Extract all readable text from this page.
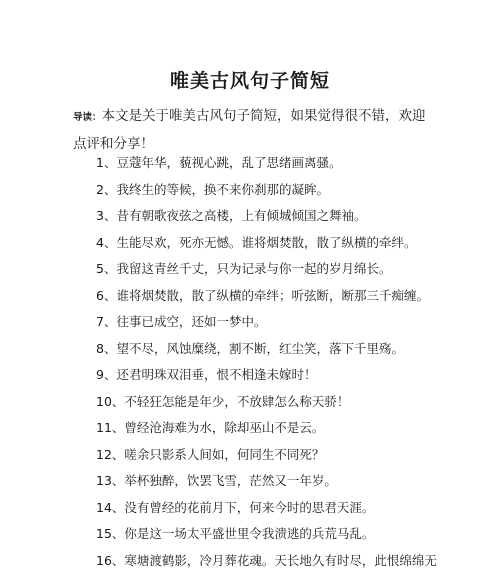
唯美古风句子简短
导读：本文是关于唯美古风句子简短，如果觉得很不错，欢迎点评和分享！
1、豆蔻年华，藐视心跳，乱了思绪画离骚。
2、我终生的等候，换不来你刹那的凝眸。
3、昔有朝歌夜弦之高楼，上有倾城倾国之舞袖。
4、生能尽欢，死亦无憾。谁将烟焚散，散了纵横的牵绊。
5、我留这青丝千丈，只为记录与你一起的岁月绵长。
6、谁将烟焚散，散了纵横的牵绊；听弦断，断那三千痴缠。
7、往事已成空，还如一梦中。
8、望不尽，风蚀糜绕，割不断，红尘笑，落下千里殇。
9、还君明珠双泪垂，恨不相逢未嫁时！
10、不轻狂怎能是年少，不放肆怎么称天骄！
11、曾经沧海难为水，除却巫山不是云。
12、嗟余只影系人间如，何同生不同死？
13、举杯独醉，饮罢飞雪，茫然又一年岁。
14、没有曾经的花前月下，何来今时的思君天涯。
15、你是这一场太平盛世里令我溃逃的兵荒马乱。
16、寒塘渡鹤影，冷月葬花魂。天长地久有时尽，此恨绵绵无
